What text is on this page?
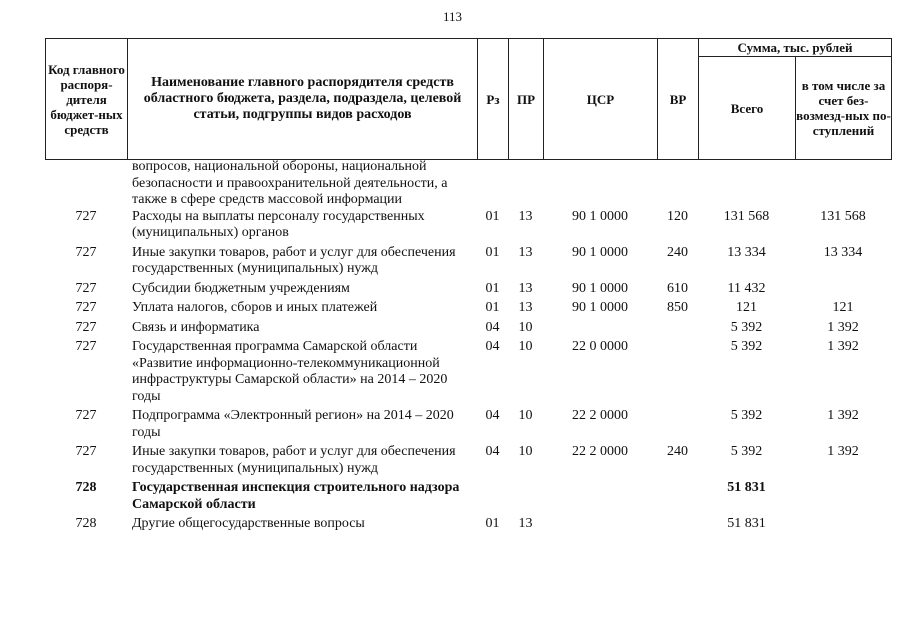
113
Код главного распоря-дителя бюджет-ных средств	Наименование главного распорядителя средств областного бюджета, раздела, подраздела, целевой статьи, подгруппы видов расходов	Рз	ПР	ЦСР	ВР	Сумма, тыс. рублей	
						Всего	в том числе за счет без-возмезд-ных по-ступлений
	вопросов, национальной обороны, национальной безопасности и правоохранительной деятельности, а также в сфере средств массовой информации						
727	Расходы на выплаты персоналу государственных (муниципальных) органов	01	13	90 1 0000	120	131 568	131 568
727	Иные закупки товаров, работ и услуг для обеспечения государственных (муниципальных) нужд	01	13	90 1 0000	240	13 334	13 334
727	Субсидии бюджетным учреждениям	01	13	90 1 0000	610	11 432	
727	Уплата налогов, сборов и иных платежей	01	13	90 1 0000	850	121	121
727	Связь и информатика	04	10			5 392	1 392
727	Государственная программа Самарской области «Развитие информационно-телекоммуникационной инфраструктуры Самарской области» на 2014 – 2020 годы	04	10	22 0 0000		5 392	1 392
727	Подпрограмма «Электронный регион» на 2014 – 2020 годы	04	10	22 2 0000		5 392	1 392
727	Иные закупки товаров, работ и услуг для обеспечения государственных (муниципальных) нужд	04	10	22 2 0000	240	5 392	1 392
728	Государственная инспекция строительного надзора Самарской области					51 831	
728	Другие общегосударственные вопросы	01	13			51 831	
